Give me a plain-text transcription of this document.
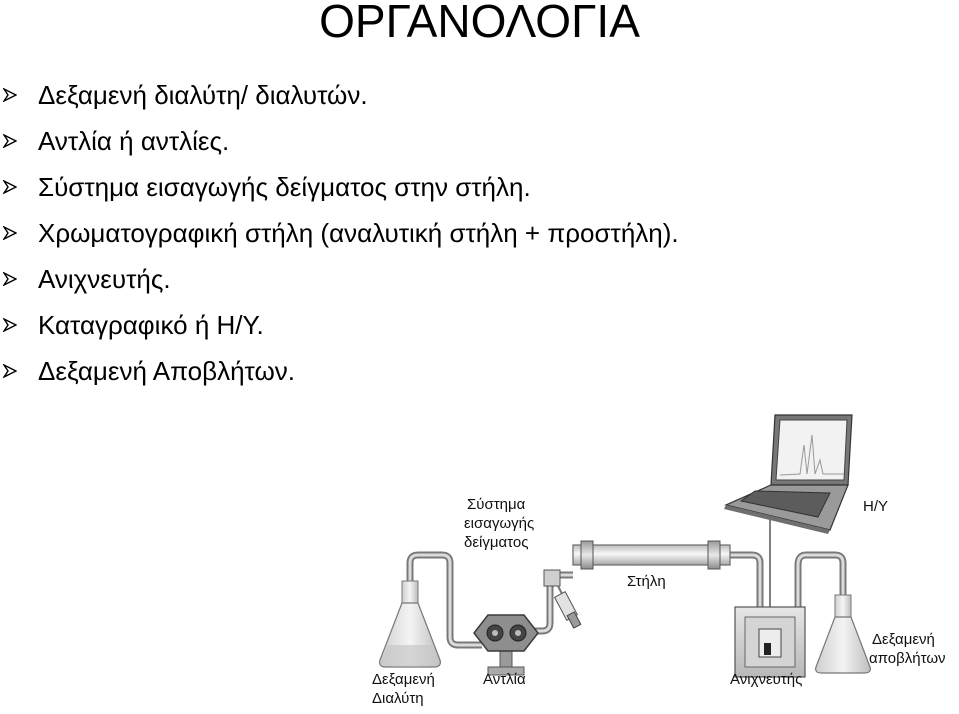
ΟΡΓΑΝΟΛΟΓΙΑ
Δεξαμενή διαλύτη/ διαλυτών.
Αντλία ή αντλίες.
Σύστημα εισαγωγής δείγματος στην στήλη.
Χρωματογραφική στήλη (αναλυτική στήλη + προστήλη).
Ανιχνευτής.
Καταγραφικό ή Η/Υ.
Δεξαμενή Αποβλήτων.
Σύστημα
εισαγωγής
δείγματος
Η/Υ
Στήλη
Δεξαμενή
αποβλήτων
Δεξαμενή
Διαλύτη
Αντλία	Ανιχνευτής
